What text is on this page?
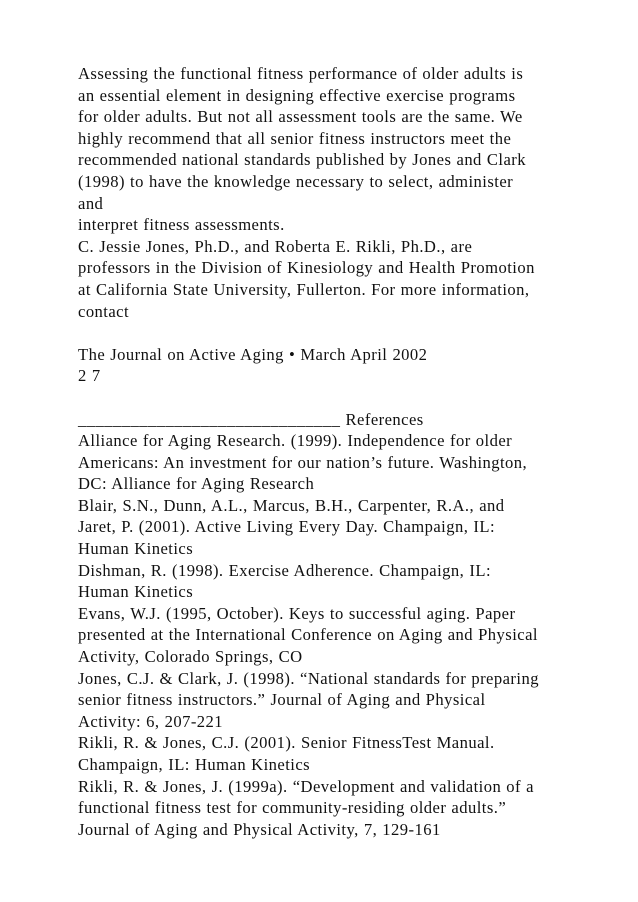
Assessing the functional fitness performance of older adults is
an essential element in designing effective exercise programs
for older adults. But not all assessment tools are the same. We
highly recommend that all senior fitness instructors meet the
recommended national standards published by Jones and Clark
(1998) to have the knowledge necessary to select, administer
and
interpret fitness assessments.
C. Jessie Jones, Ph.D., and Roberta E. Rikli, Ph.D., are
professors in the Division of Kinesiology and Health Promotion
at California State University, Fullerton. For more information,
contact
The Journal on Active Aging • March April 2002
2 7
______________________________ References
Alliance for Aging Research. (1999). Independence for older
Americans: An investment for our nation’s future. Washington,
DC: Alliance for Aging Research
Blair, S.N., Dunn, A.L., Marcus, B.H., Carpenter, R.A., and
Jaret, P. (2001). Active Living Every Day. Champaign, IL:
Human Kinetics
Dishman, R. (1998). Exercise Adherence. Champaign, IL:
Human Kinetics
Evans, W.J. (1995, October). Keys to successful aging. Paper
presented at the International Conference on Aging and Physical
Activity, Colorado Springs, CO
Jones, C.J. & Clark, J. (1998). “National standards for preparing
senior fitness instructors.” Journal of Aging and Physical
Activity: 6, 207-221
Rikli, R. & Jones, C.J. (2001). Senior FitnessTest Manual.
Champaign, IL: Human Kinetics
Rikli, R. & Jones, J. (1999a). “Development and validation of a
functional fitness test for community-residing older adults.”
Journal of Aging and Physical Activity, 7, 129-161
